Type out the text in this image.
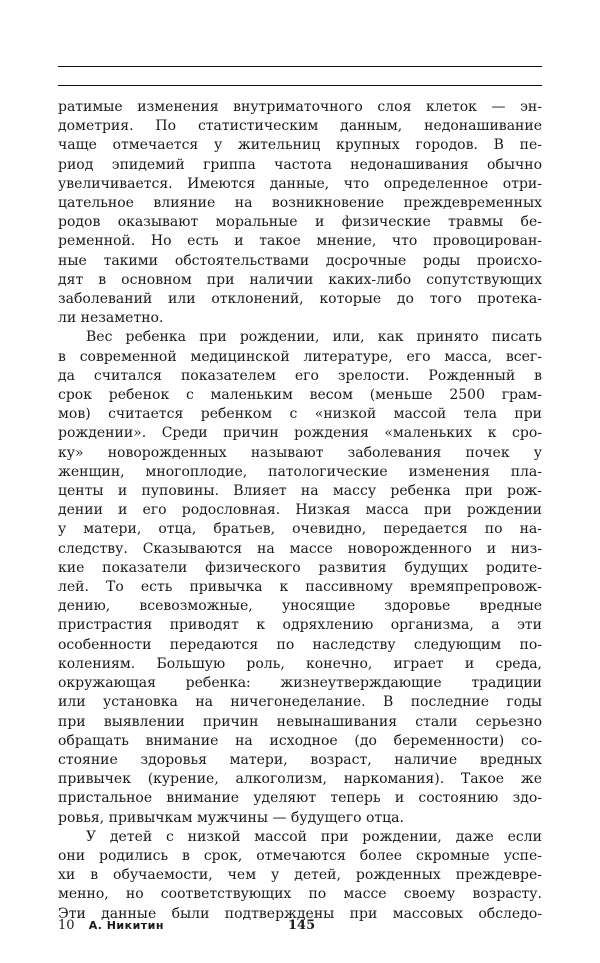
ратимые изменения внутриматочного слоя клеток — эн-
дометрия. По статистическим данным, недонашивание
чаще отмечается у жительниц крупных городов. В пе-
риод эпидемий гриппа частота недонашивания обычно
увеличивается. Имеются данные, что определенное отри-
цательное влияние на возникновение преждевременных
родов оказывают моральные и физические травмы бе-
ременной. Но есть и такое мнение, что провоцирован-
ные такими обстоятельствами досрочные роды происхо-
дят в основном при наличии каких-либо сопутствующих
заболеваний или отклонений, которые до того протека-
ли незаметно.

Вес ребенка при рождении, или, как принято писать
в современной медицинской литературе, его масса, всег-
да считался показателем его зрелости. Рожденный в
срок ребенок с маленьким весом (меньше 2500 грам-
мов) считается ребенком с «низкой массой тела при
рождении». Среди причин рождения «маленьких к сро-
ку» новорожденных называют заболевания почек у
женщин, многоплодие, патологические изменения пла-
центы и пуповины. Влияет на массу ребенка при рож-
дении и его родословная. Низкая масса при рождении
у матери, отца, братьев, очевидно, передается по на-
следству. Сказываются на массе новорожденного и низ-
кие показатели физического развития будущих родите-
лей. То есть привычка к пассивному времяпрепровож-
дению, всевозможные, уносящие здоровье вредные
пристрастия приводят к одряхлению организма, а эти
особенности передаются по наследству следующим по-
колениям. Большую роль, конечно, играет и среда,
окружающая ребенка: жизнеутверждающие традиции
или установка на ничегонеделание. В последние годы
при выявлении причин невынашивания стали серьезно
обращать внимание на исходное (до беременности) со-
стояние здоровья матери, возраст, наличие вредных
привычек (курение, алкоголизм, наркомания). Такое же
пристальное внимание уделяют теперь и состоянию здо-
ровья, привычкам мужчины — будущего отца.

У детей с низкой массой при рождении, даже если
они родились в срок, отмечаются более скромные успе-
хи в обучаемости, чем у детей, рожденных преждевре-
менно, но соответствующих по массе своему возрасту.
Эти данные были подтверждены при массовых обследо-

10 А. Никитин	145
